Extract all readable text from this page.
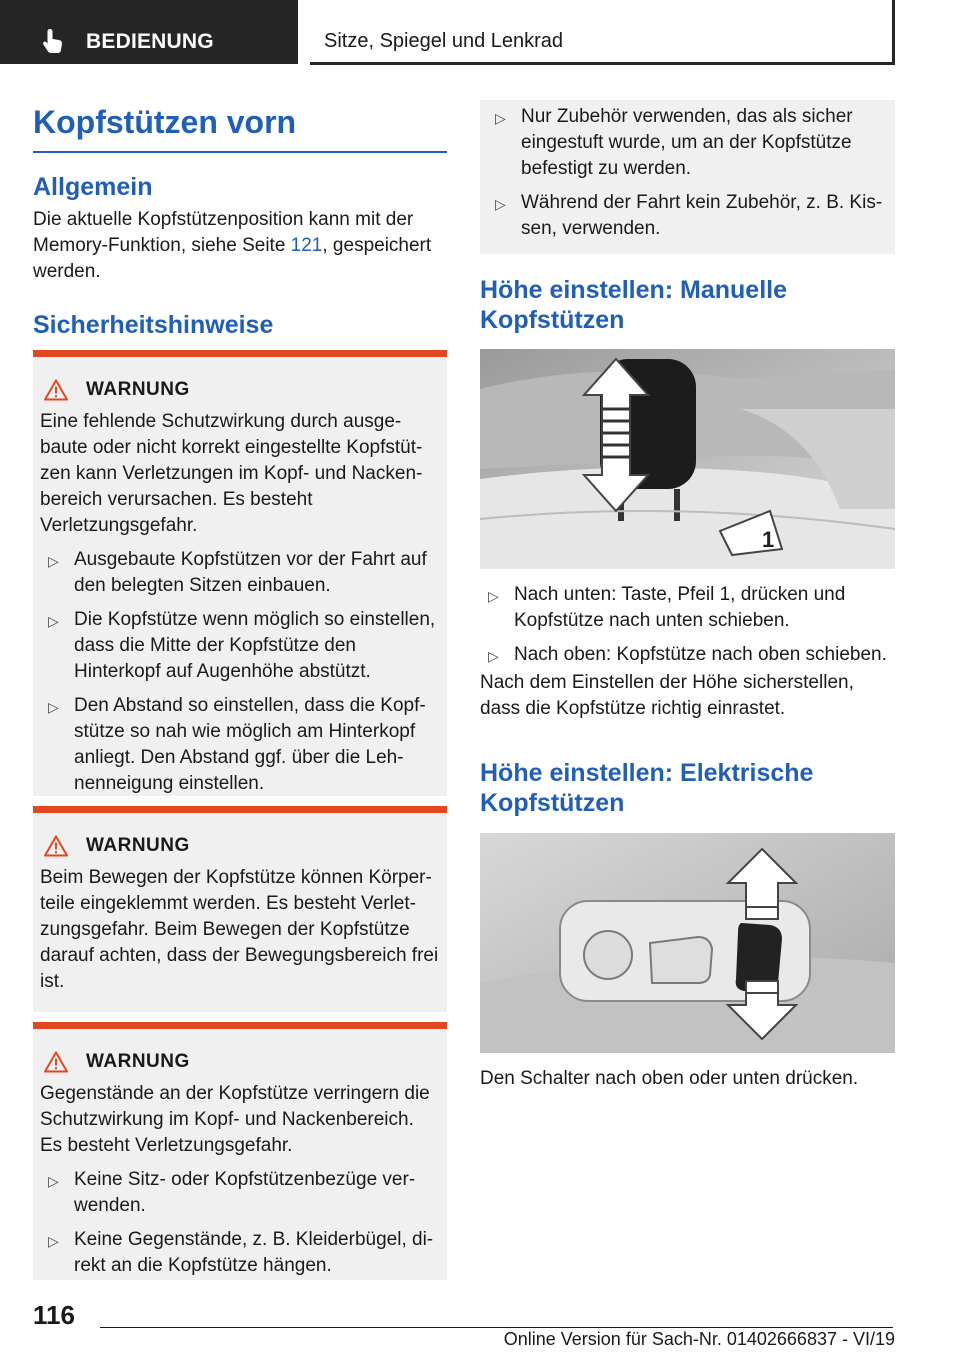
BEDIENUNG	Sitze, Spiegel und Lenkrad
Kopfstützen vorn
Allgemein
Die aktuelle Kopfstützenposition kann mit der Memory-Funktion, siehe Seite 121, gespeichert werden.
Sicherheitshinweise
WARNUNG
Eine fehlende Schutzwirkung durch ausgebaute oder nicht korrekt eingestellte Kopfstützen kann Verletzungen im Kopf- und Nackenbereich verursachen. Es besteht Verletzungsgefahr.
▷ Ausgebaute Kopfstützen vor der Fahrt auf den belegten Sitzen einbauen.
▷ Die Kopfstütze wenn möglich so einstellen, dass die Mitte der Kopfstütze den Hinterkopf auf Augenhöhe abstützt.
▷ Den Abstand so einstellen, dass die Kopfstütze so nah wie möglich am Hinterkopf anliegt. Den Abstand ggf. über die Lehnenneigung einstellen.
WARNUNG
Beim Bewegen der Kopfstütze können Körperteile eingeklemmt werden. Es besteht Verletzungsgefahr. Beim Bewegen der Kopfstütze darauf achten, dass der Bewegungsbereich frei ist.
WARNUNG
Gegenstände an der Kopfstütze verringern die Schutzwirkung im Kopf- und Nackenbereich. Es besteht Verletzungsgefahr.
▷ Keine Sitz- oder Kopfstützenbezüge verwenden.
▷ Keine Gegenstände, z. B. Kleiderbügel, direkt an die Kopfstütze hängen.
▷ Nur Zubehör verwenden, das als sicher eingestuft wurde, um an der Kopfstütze befestigt zu werden.
▷ Während der Fahrt kein Zubehör, z. B. Kissen, verwenden.
Höhe einstellen: Manuelle Kopfstützen
1
▷ Nach unten: Taste, Pfeil 1, drücken und Kopfstütze nach unten schieben.
▷ Nach oben: Kopfstütze nach oben schieben.
Nach dem Einstellen der Höhe sicherstellen, dass die Kopfstütze richtig einrastet.
Höhe einstellen: Elektrische Kopfstützen
Den Schalter nach oben oder unten drücken.
116
Online Version für Sach-Nr. 01402666837 - VI/19
